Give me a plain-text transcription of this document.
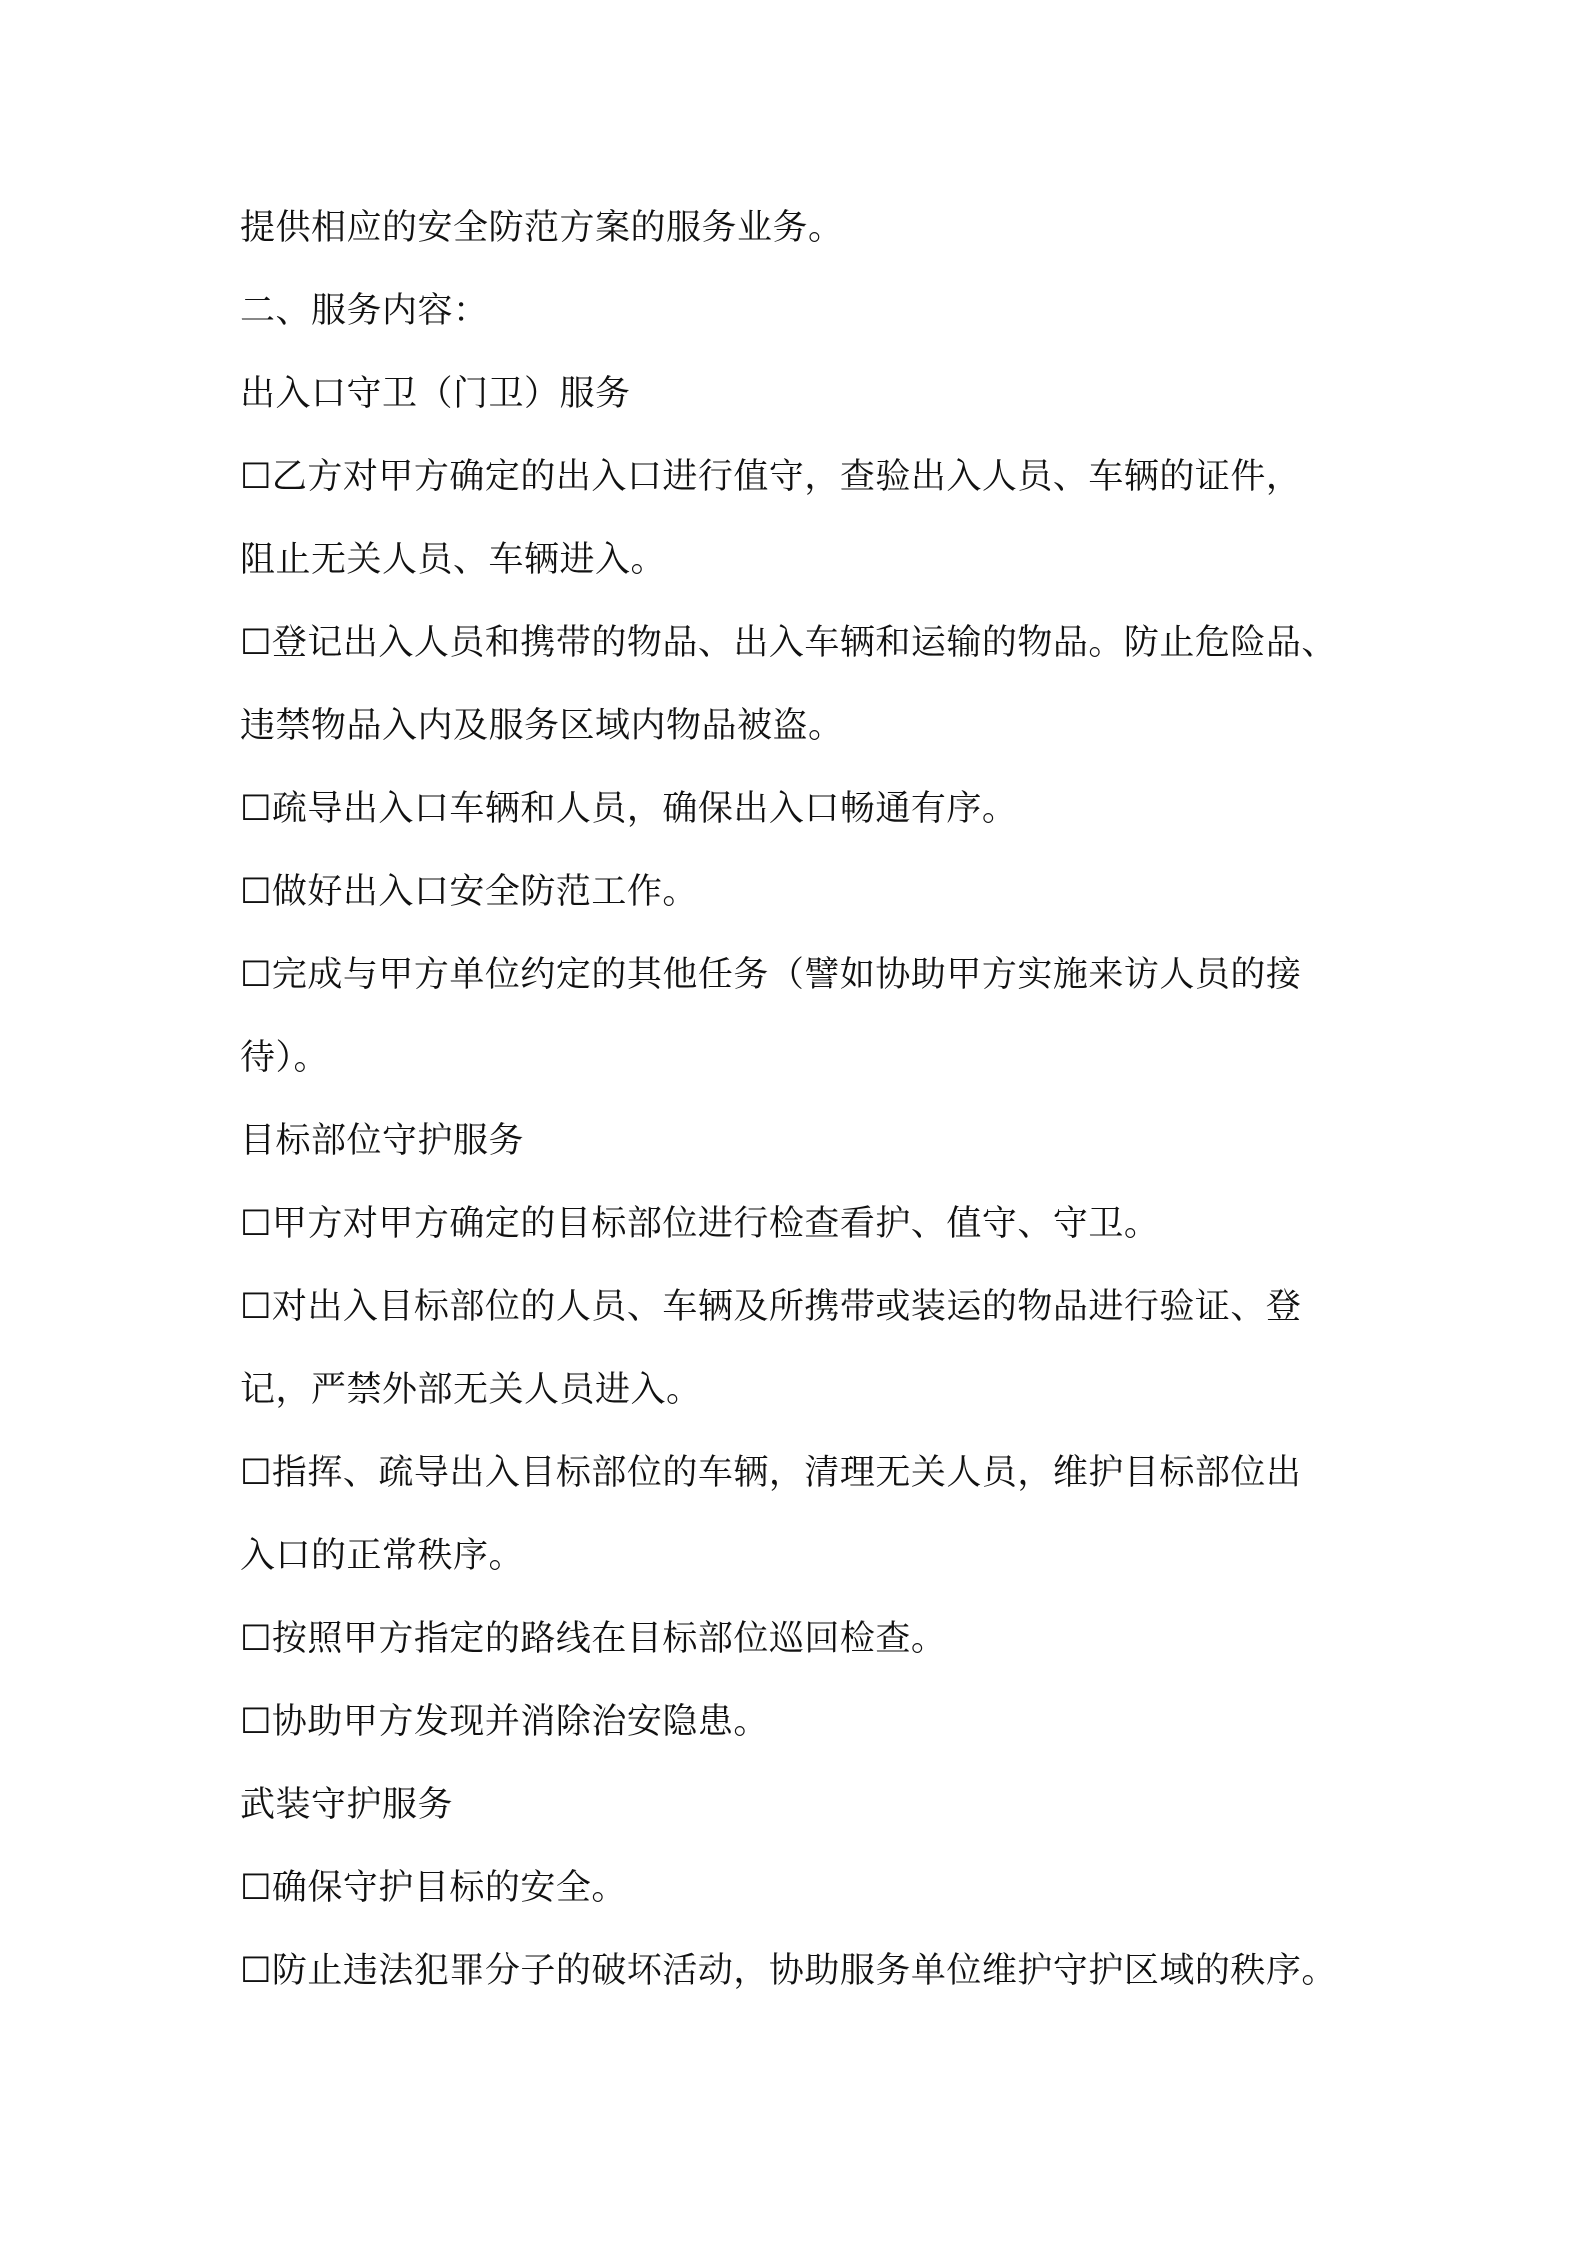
提供相应的安全防范方案的服务业务。
二、服务内容：
出入口守卫（门卫）服务
☐乙方对甲方确定的出入口进行值守，查验出入人员、车辆的证件，
阻止无关人员、车辆进入。
☐登记出入人员和携带的物品、出入车辆和运输的物品。防止危险品、
违禁物品入内及服务区域内物品被盗。
☐疏导出入口车辆和人员，确保出入口畅通有序。
☐做好出入口安全防范工作。
☐完成与甲方单位约定的其他任务（譬如协助甲方实施来访人员的接
待）。
目标部位守护服务
☐甲方对甲方确定的目标部位进行检查看护、值守、守卫。
☐对出入目标部位的人员、车辆及所携带或装运的物品进行验证、登
记，严禁外部无关人员进入。
☐指挥、疏导出入目标部位的车辆，清理无关人员，维护目标部位出
入口的正常秩序。
☐按照甲方指定的路线在目标部位巡回检查。
☐协助甲方发现并消除治安隐患。
武装守护服务
☐确保守护目标的安全。
☐防止违法犯罪分子的破坏活动，协助服务单位维护守护区域的秩序。
